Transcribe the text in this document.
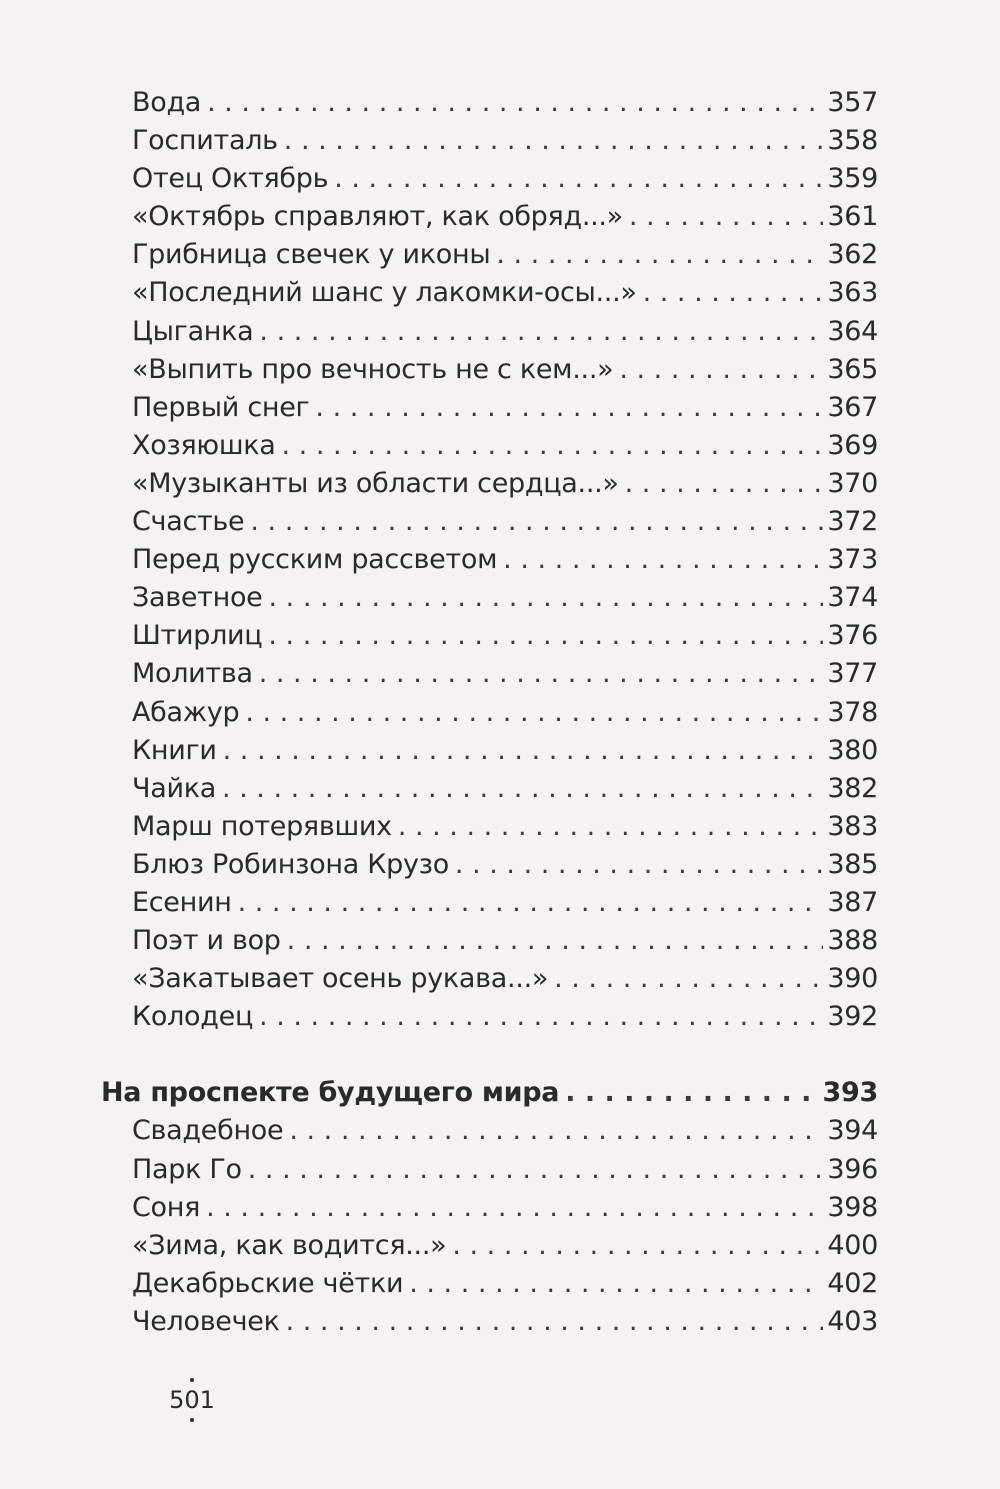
Вода . . .	357
Госпиталь . . .	358
Отец Октябрь . . .	359
«Октябрь справляют, как обряд...» . . .	361
Грибница свечек у иконы . . .	362
«Последний шанс у лакомки-осы...» . . .	363
Цыганка . . .	364
«Выпить про вечность не с кем...» . . .	365
Первый снег . . .	367
Хозяюшка . . .	369
«Музыканты из области сердца...» . . .	370
Счастье . . .	372
Перед русским рассветом . . .	373
Заветное . . .	374
Штирлиц . . .	376
Молитва . . .	377
Абажур . . .	378
Книги . . .	380
Чайка . . .	382
Марш потерявших . . .	383
Блюз Робинзона Крузо . . .	385
Есенин . . .	387
Поэт и вор . . .	388
«Закатывает осень рукава...» . . .	390
Колодец . . .	392
На проспекте будущего мира . . .	393
Свадебное . . .	394
Парк Го . . .	396
Соня . . .	398
«Зима, как водится...» . . .	400
Декабрьские чётки . . .	402
Человечек . . .	403
501
